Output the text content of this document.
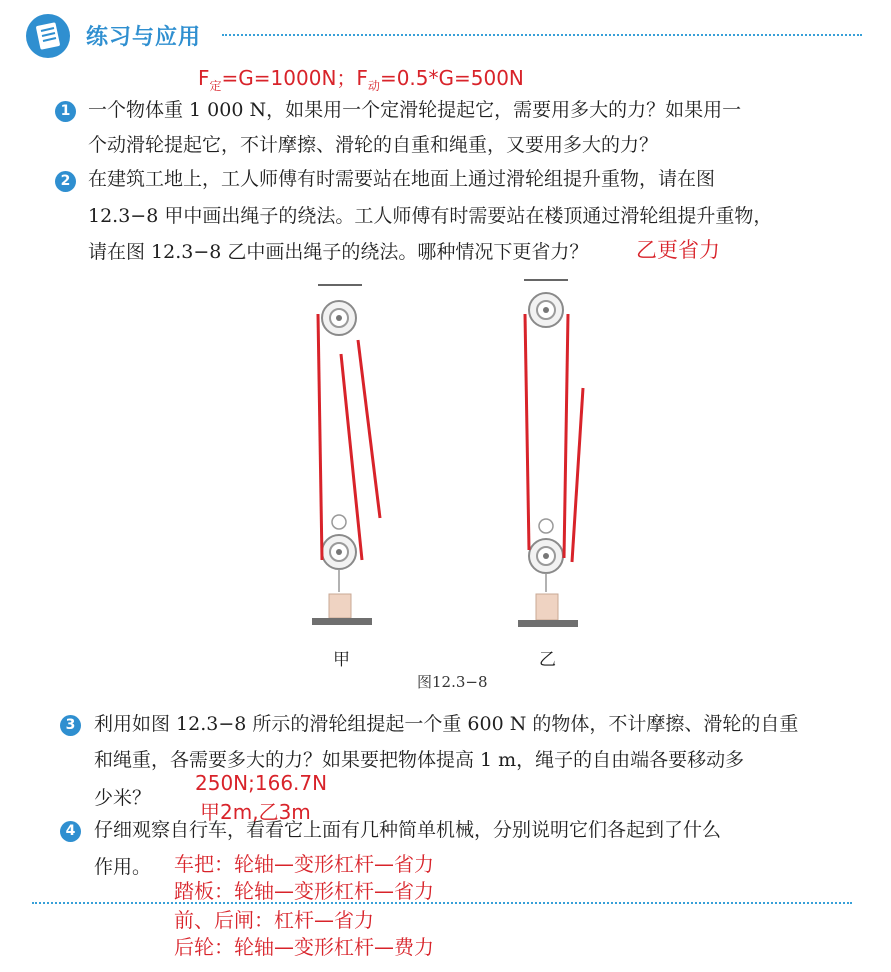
练习与应用
$F_定=G=1000N$；$F_动=0.5*G=500N$
1 一个物体重 1 000 N，如果用一个定滑轮提起它，需要用多大的力？如果用一
个动滑轮提起它，不计摩擦、滑轮的自重和绳重，又要用多大的力？
2 在建筑工地上，工人师傅有时需要站在地面上通过滑轮组提升重物，请在图
12.3−8 甲中画出绳子的绕法。工人师傅有时需要站在楼顶通过滑轮组提升重物，
请在图 12.3−8 乙中画出绳子的绕法。哪种情况下更省力？ 乙更省力
甲	乙
图12.3−8
3 利用如图 12.3−8 所示的滑轮组提起一个重 600 N 的物体，不计摩擦、滑轮的自重
和绳重，各需要多大的力？如果要把物体提高 1 m，绳子的自由端各要移动多
少米？
250N;166.7N
甲2m,乙3m
4 仔细观察自行车，看看它上面有几种简单机械，分别说明它们各起到了什么
作用。 车把：轮轴—变形杠杆—省力
踏板：轮轴—变形杠杆—省力
前、后闸：杠杆—省力
后轮：轮轴—变形杠杆—费力
